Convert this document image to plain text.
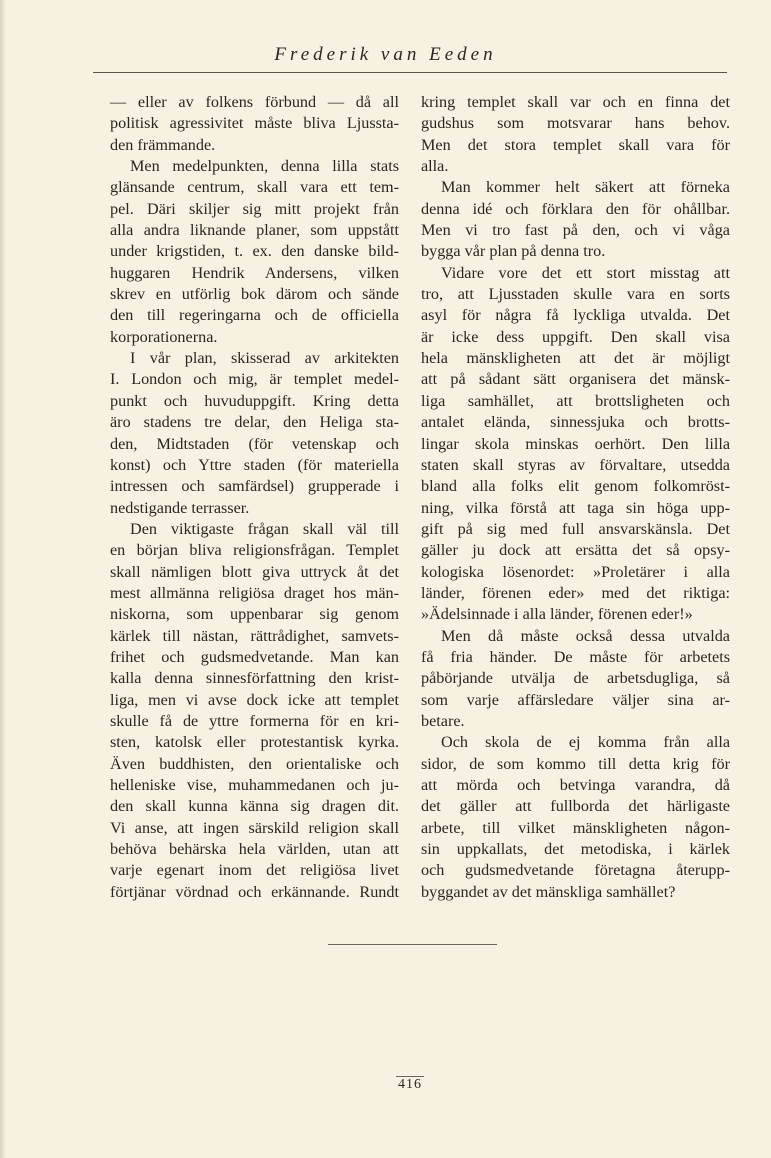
Frederik van Eeden
— eller av folkens förbund — då all
politisk agressivitet måste bliva Ljussta-
den främmande.
Men medelpunkten, denna lilla stats
glänsande centrum, skall vara ett tem-
pel. Däri skiljer sig mitt projekt från
alla andra liknande planer, som uppstått
under krigstiden, t. ex. den danske bild-
huggaren Hendrik Andersens, vilken
skrev en utförlig bok därom och sände
den till regeringarna och de officiella
korporationerna.
I vår plan, skisserad av arkitekten
I. London och mig, är templet medel-
punkt och huvuduppgift. Kring detta
äro stadens tre delar, den Heliga sta-
den, Midtstaden (för vetenskap och
konst) och Yttre staden (för materiella
intressen och samfärdsel) grupperade i
nedstigande terrasser.
Den viktigaste frågan skall väl till
en början bliva religionsfrågan. Templet
skall nämligen blott giva uttryck åt det
mest allmänna religiösa draget hos män-
niskorna, som uppenbarar sig genom
kärlek till nästan, rättrådighet, samvets-
frihet och gudsmedvetande. Man kan
kalla denna sinnesförfattning den krist-
liga, men vi avse dock icke att templet
skulle få de yttre formerna för en kri-
sten, katolsk eller protestantisk kyrka.
Även buddhisten, den orientaliske och
helleniske vise, muhammedanen och ju-
den skall kunna känna sig dragen dit.
Vi anse, att ingen särskild religion skall
behöva behärska hela världen, utan att
varje egenart inom det religiösa livet
förtjänar vördnad och erkännande. Rundt
kring templet skall var och en finna det
gudshus som motsvarar hans behov.
Men det stora templet skall vara för
alla.
Man kommer helt säkert att förneka
denna idé och förklara den för ohållbar.
Men vi tro fast på den, och vi våga
bygga vår plan på denna tro.
Vidare vore det ett stort misstag att
tro, att Ljusstaden skulle vara en sorts
asyl för några få lyckliga utvalda. Det
är icke dess uppgift. Den skall visa
hela mänskligheten att det är möjligt
att på sådant sätt organisera det mänsk-
liga samhället, att brottsligheten och
antalet elända, sinnessjuka och brotts-
lingar skola minskas oerhört. Den lilla
staten skall styras av förvaltare, utsedda
bland alla folks elit genom folkomröst-
ning, vilka förstå att taga sin höga upp-
gift på sig med full ansvarskänsla. Det
gäller ju dock att ersätta det så opsy-
kologiska lösenordet: »Proletärer i alla
länder, förenen eder» med det riktiga:
»Ädelsinnade i alla länder, förenen eder!»
Men då måste också dessa utvalda
få fria händer. De måste för arbetets
påbörjande utvälja de arbetsdugliga, så
som varje affärsledare väljer sina ar-
betare.
Och skola de ej komma från alla
sidor, de som kommo till detta krig för
att mörda och betvinga varandra, då
det gäller att fullborda det härligaste
arbete, till vilket mänskligheten någon-
sin uppkallats, det metodiska, i kärlek
och gudsmedvetande företagna återupp-
byggandet av det mänskliga samhället?
416
